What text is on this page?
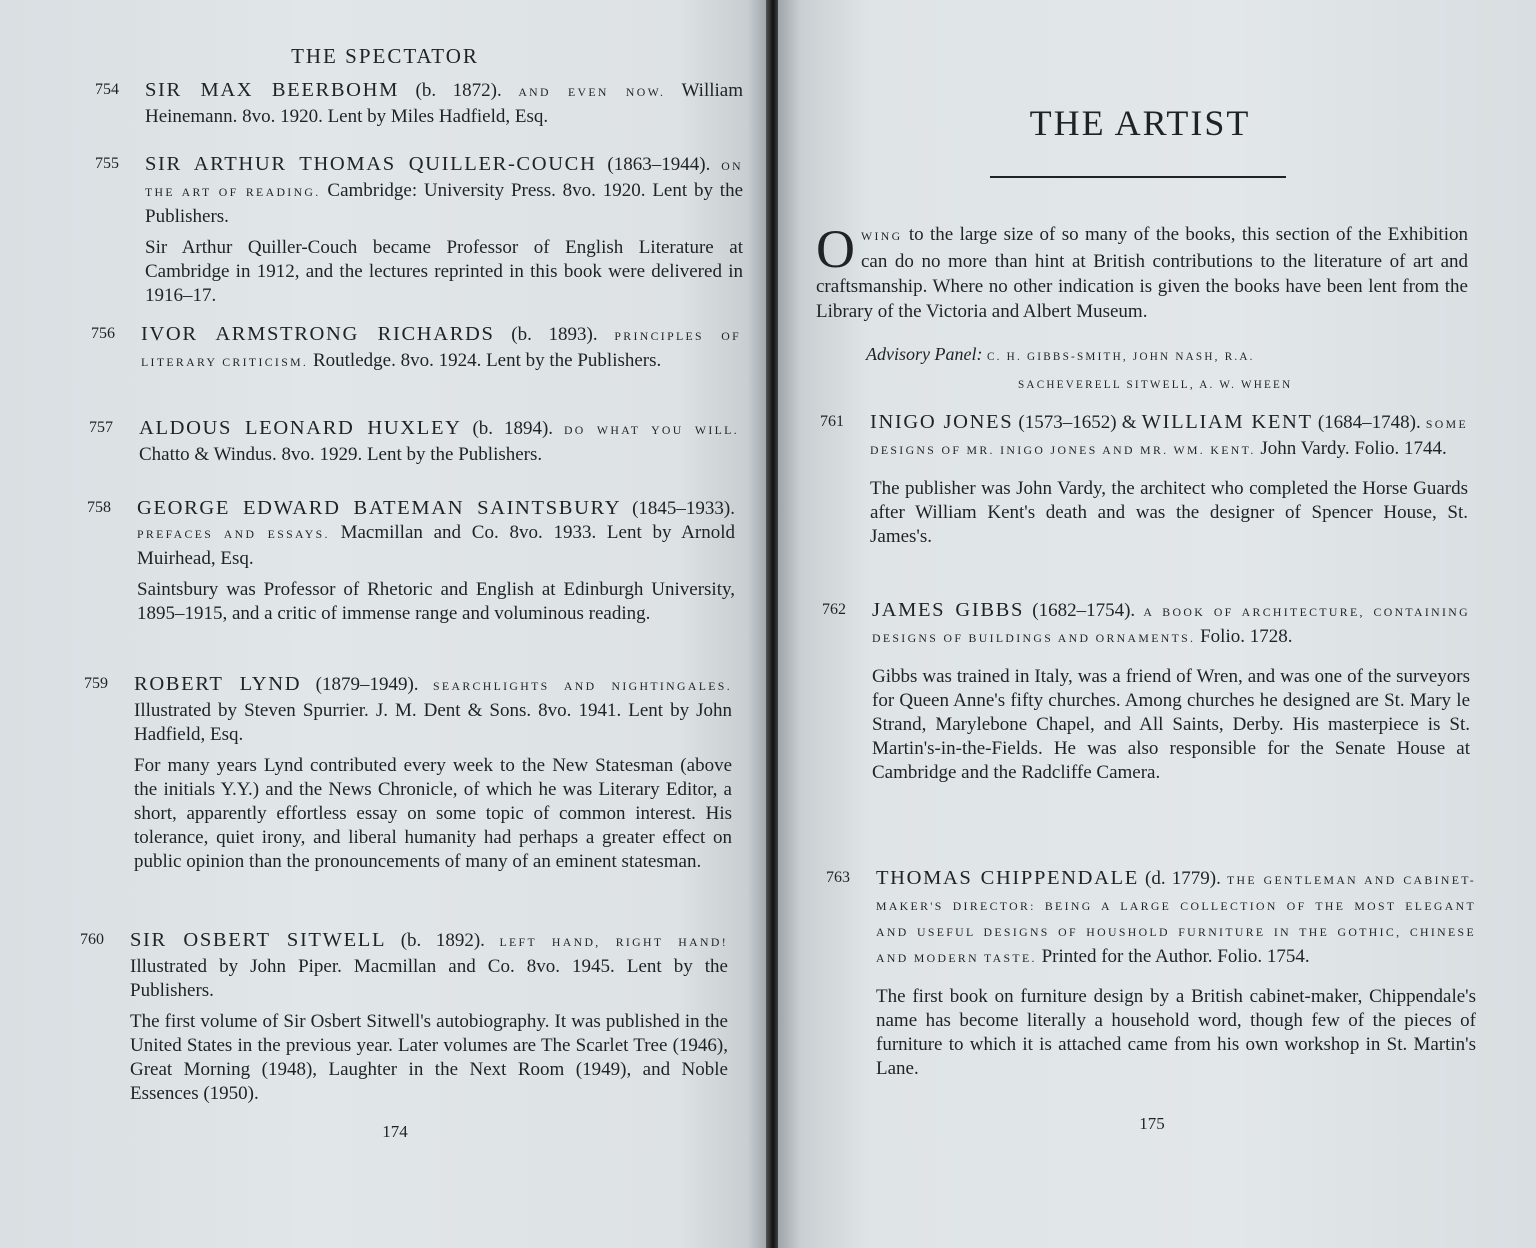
THE SPECTATOR
754	SIR MAX BEERBOHM (b. 1872). AND EVEN NOW. William Heinemann. 8vo. 1920. Lent by Miles Hadfield, Esq.

755	SIR ARTHUR THOMAS QUILLER-COUCH (1863–1944). ON THE ART OF READING. Cambridge: University Press. 8vo. 1920. Lent by the Publishers.

Sir Arthur Quiller-Couch became Professor of English Literature at Cambridge in 1912, and the lectures reprinted in this book were delivered in 1916–17.

756	IVOR ARMSTRONG RICHARDS (b. 1893). PRINCIPLES OF LITERARY CRITICISM. Routledge. 8vo. 1924. Lent by the Publishers.

757	ALDOUS LEONARD HUXLEY (b. 1894). DO WHAT YOU WILL. Chatto & Windus. 8vo. 1929. Lent by the Publishers.

758	GEORGE EDWARD BATEMAN SAINTSBURY (1845–1933). PREFACES AND ESSAYS. Macmillan and Co. 8vo. 1933. Lent by Arnold Muirhead, Esq.

Saintsbury was Professor of Rhetoric and English at Edinburgh University, 1895–1915, and a critic of immense range and voluminous reading.

759	ROBERT LYND (1879–1949). SEARCHLIGHTS AND NIGHTINGALES. Illustrated by Steven Spurrier. J. M. Dent & Sons. 8vo. 1941. Lent by John Hadfield, Esq.

For many years Lynd contributed every week to the New Statesman (above the initials Y.Y.) and the News Chronicle, of which he was Literary Editor, a short, apparently effortless essay on some topic of common interest. His tolerance, quiet irony, and liberal humanity had perhaps a greater effect on public opinion than the pronouncements of many of an eminent statesman.

760	SIR OSBERT SITWELL (b. 1892). LEFT HAND, RIGHT HAND! Illustrated by John Piper. Macmillan and Co. 8vo. 1945. Lent by the Publishers.

The first volume of Sir Osbert Sitwell's autobiography. It was published in the United States in the previous year. Later volumes are The Scarlet Tree (1946), Great Morning (1948), Laughter in the Next Room (1949), and Noble Essences (1950).

174
THE ARTIST

OWING to the large size of so many of the books, this section of the Exhibition can do no more than hint at British contributions to the literature of art and craftsmanship. Where no other indication is given the books have been lent from the Library of the Victoria and Albert Museum.

Advisory Panel: C. H. GIBBS-SMITH, JOHN NASH, R.A.
SACHEVERELL SITWELL, A. W. WHEEN
761	INIGO JONES (1573–1652) & WILLIAM KENT (1684–1748). SOME DESIGNS OF MR. INIGO JONES AND MR. WM. KENT. John Vardy. Folio. 1744.

The publisher was John Vardy, the architect who completed the Horse Guards after William Kent's death and was the designer of Spencer House, St. James's.

762	JAMES GIBBS (1682–1754). A BOOK OF ARCHITECTURE, CONTAINING DESIGNS OF BUILDINGS AND ORNAMENTS. Folio. 1728.

Gibbs was trained in Italy, was a friend of Wren, and was one of the surveyors for Queen Anne's fifty churches. Among churches he designed are St. Mary le Strand, Marylebone Chapel, and All Saints, Derby. His masterpiece is St. Martin's-in-the-Fields. He was also responsible for the Senate House at Cambridge and the Radcliffe Camera.

763	THOMAS CHIPPENDALE (d. 1779). THE GENTLEMAN AND CABINET-MAKER'S DIRECTOR: BEING A LARGE COLLECTION OF THE MOST ELEGANT AND USEFUL DESIGNS OF HOUSHOLD FURNITURE IN THE GOTHIC, CHINESE AND MODERN TASTE. Printed for the Author. Folio. 1754.

The first book on furniture design by a British cabinet-maker, Chippendale's name has become literally a household word, though few of the pieces of furniture to which it is attached came from his own workshop in St. Martin's Lane.

175
